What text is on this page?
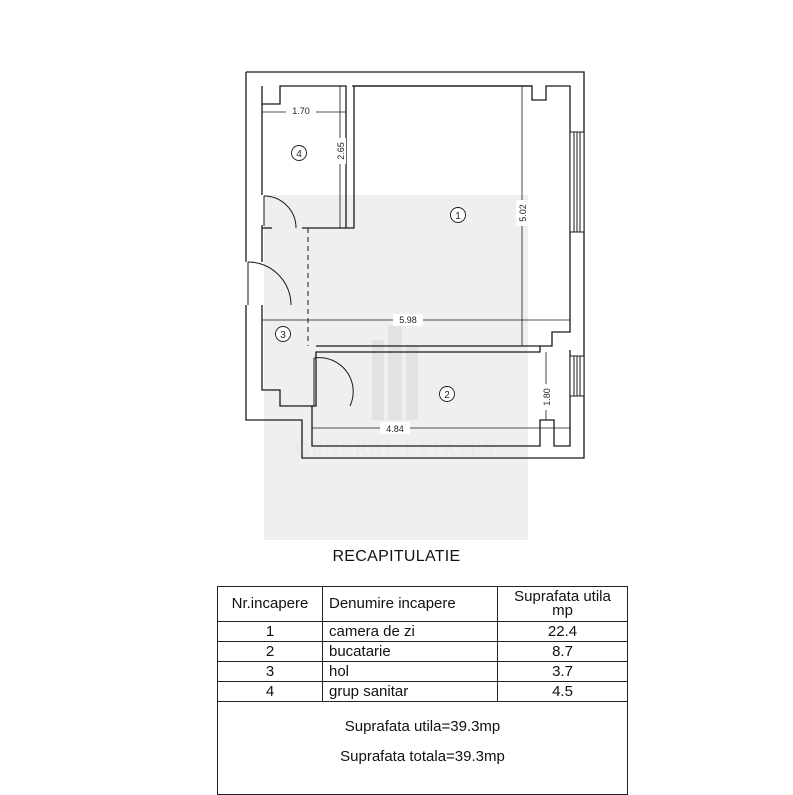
GENERAL ESTATES
1.70
2.65
5.02
5.98
4.84
1.80
4
1
3
2
RECAPITULATIE
Nr.incapere	Denumire incapere	Suprafata utila
mp
1	camera de zi	22.4
2	bucatarie	8.7
3	hol	3.7
4	grup sanitar	4.5

Suprafata utila=39.3mp
Suprafata totala=39.3mp		
